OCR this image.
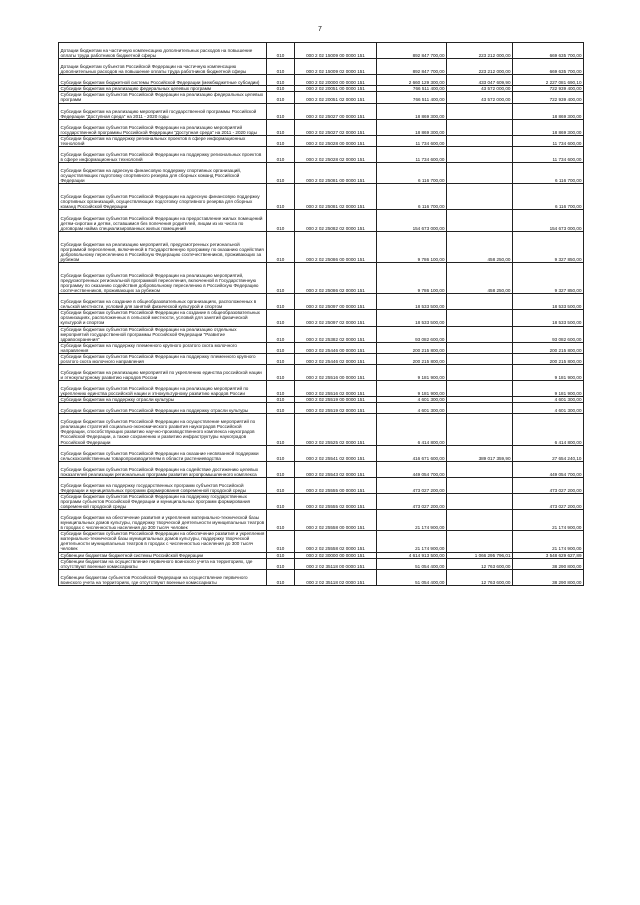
7
Дотации бюджетам на частичную компенсацию дополнительных расходов на повышение оплаты труда работников бюджетной сферы	010	000 2 02 15009 00 0000 151	892 847 700,00	223 212 000,00	669 635 700,00
Дотации бюджетам субъектов Российской Федерации на частичную компенсацию дополнительных расходов на повышение оплаты труда работников бюджетной сферы	010	000 2 02 15009 02 0000 151	892 847 700,00	223 212 000,00	669 635 700,00
Субсидии бюджетам бюджетной системы Российской Федерации (межбюджетные субсидии)	010	000 2 02 20000 00 0000 151	2 660 129 300,00	433 047 609,90	2 227 081 690,10
Субсидии бюджетам на реализацию федеральных целевых программ	010	000 2 02 20051 00 0000 151	766 511 400,00	43 572 000,00	722 939 400,00
Субсидии бюджетам субъектов Российской Федерации на реализацию федеральных целевых программ	010	000 2 02 20051 02 0000 151	766 511 400,00	43 572 000,00	722 939 400,00
Субсидии бюджетам на реализацию мероприятий государственной программы Российской Федерации "Доступная среда" на 2011 - 2020 годы	010	000 2 02 25027 00 0000 151	18 869 300,00		18 869 300,00
Субсидии бюджетам субъектов Российской Федерации на реализацию мероприятий государственной программы Российской Федерации "Доступная среда" на 2011 - 2020 годы	010	000 2 02 25027 02 0000 151	18 869 300,00		18 869 300,00
Субсидии бюджетам на поддержку региональных проектов в сфере информационных технологий	010	000 2 02 25028 00 0000 151	11 734 600,00		11 734 600,00
Субсидии бюджетам субъектов Российской Федерации на поддержку региональных проектов в сфере информационных технологий	010	000 2 02 25028 02 0000 151	11 734 600,00		11 734 600,00
Субсидии бюджетам на адресную финансовую поддержку спортивных организаций, осуществляющих подготовку спортивного резерва для сборных команд Российской Федерации	010	000 2 02 25081 00 0000 151	6 116 700,00		6 116 700,00
Субсидии бюджетам субъектов Российской Федерации на адресную финансовую поддержку спортивных организаций, осуществляющих подготовку спортивного резерва для сборных команд Российской Федерации	010	000 2 02 25081 02 0000 151	6 116 700,00		6 116 700,00
Субсидии бюджетам субъектов Российской Федерации на предоставление жилых помещений детям-сиротам и детям, оставшимся без попечения родителей, лицам из их числа по договорам найма специализированных жилых помещений	010	000 2 02 25082 02 0000 151	154 673 000,00		154 673 000,00
Субсидии бюджетам на реализацию мероприятий, предусмотренных региональной программой переселения, включенной в Государственную программу по оказанию содействия добровольному переселению в Российскую Федерацию соотечественников, проживающих за рубежом	010	000 2 02 25086 00 0000 151	9 786 100,00	458 250,00	9 327 850,00
Субсидии бюджетам субъектов Российской Федерации на реализацию мероприятий, предусмотренных региональной программой переселения, включенной в Государственную программу по оказанию содействия добровольному переселению в Российскую Федерацию соотечественников, проживающих за рубежом	010	000 2 02 25086 02 0000 151	9 786 100,00	458 250,00	9 327 850,00
Субсидии бюджетам на создание в общеобразовательных организациях, расположенных в сельской местности, условий для занятий физической культурой и спортом	010	000 2 02 25097 00 0000 151	18 533 500,00		18 533 500,00
Субсидии бюджетам субъектов Российской Федерации на создание в общеобразовательных организациях, расположенных в сельской местности, условий для занятий физической культурой и спортом	010	000 2 02 25097 02 0000 151	18 533 500,00		18 533 500,00
Субсидии бюджетам субъектов Российской Федерации на реализацию отдельных мероприятий государственной программы Российской Федерации "Развитие здравоохранения"	010	000 2 02 25382 02 0000 151	93 082 600,00		93 082 600,00
Субсидии бюджетам на поддержку племенного крупного рогатого скота молочного направления	010	000 2 02 25446 00 0000 151	200 215 800,00		200 215 800,00
Субсидии бюджетам субъектов Российской Федерации на поддержку племенного крупного рогатого скота молочного направления	010	000 2 02 25446 02 0000 151	200 215 800,00		200 215 800,00
Субсидии бюджетам на реализацию мероприятий по укреплению единства российской нации и этнокультурному развитию народов России	010	000 2 02 25516 00 0000 151	9 181 900,00		9 181 900,00
Субсидии бюджетам субъектов Российской Федерации на реализацию мероприятий по укреплению единства российской нации и этнокультурному развитию народов России	010	000 2 02 25516 02 0000 151	9 181 900,00		9 181 900,00
Субсидии бюджетам на поддержку отрасли культуры	010	000 2 02 25519 00 0000 151	4 601 300,00		4 601 300,00
Субсидии бюджетам субъектов Российской Федерации на поддержку отрасли культуры	010	000 2 02 25519 02 0000 151	4 601 300,00		4 601 300,00
Субсидии бюджетам субъектов Российской Федерации на осуществление мероприятий по реализации стратегий социально-экономического развития наукоградов Российской Федерации, способствующих развитию научно-производственного комплекса наукоградов Российской Федерации, а также сохранению и развитию инфраструктуры наукоградов Российской Федерации	010	000 2 02 25525 02 0000 151	6 414 800,00		6 414 800,00
Субсидии бюджетам субъектов Российской Федерации на оказание несвязанной поддержки сельскохозяйственным товаропроизводителям в области растениеводства	010	000 2 02 25541 02 0000 151	416 671 600,00	389 017 359,90	27 654 240,10
Субсидии бюджетам субъектов Российской Федерации на содействие достижению целевых показателей реализации региональных программ развития агропромышленного комплекса	010	000 2 02 25543 02 0000 151	449 054 700,00		449 054 700,00
Субсидии бюджетам на поддержку государственных программ субъектов Российской Федерации и муниципальных программ формирования современной городской среды	010	000 2 02 25555 00 0000 151	473 027 200,00		473 027 200,00
Субсидии бюджетам субъектов Российской Федерации на поддержку государственных программ субъектов Российской Федерации и муниципальных программ формирования современной городской среды	010	000 2 02 25555 02 0000 151	473 027 200,00		473 027 200,00
Субсидии бюджетам на обеспечение развития и укрепления материально-технической базы муниципальных домов культуры, поддержку творческой деятельности муниципальных театров в городах с численностью населения до 300 тысяч человек	010	000 2 02 25558 00 0000 151	21 174 900,00		21 174 900,00
Субсидии бюджетам субъектов Российской Федерации на обеспечение развития и укрепления материально-технической базы муниципальных домов культуры, поддержку творческой деятельности муниципальных театров в городах с численностью населения до 300 тысяч человек	010	000 2 02 25558 02 0000 151	21 174 900,00		21 174 900,00
Субвенции бюджетам бюджетной системы Российской Федерации	010	000 2 02 30000 00 0000 151	4 614 913 500,00	1 066 295 796,01	3 548 629 627,89
Субвенции бюджетам на осуществление первичного воинского учета на территориях, где отсутствуют военные комиссариаты	010	000 2 02 35118 00 0000 151	51 054 400,00	12 763 600,00	38 290 800,00
Субвенции бюджетам субъектов Российской Федерации на осуществление первичного воинского учета на территориях, где отсутствуют военные комиссариаты	010	000 2 02 35118 02 0000 151	51 054 400,00	12 763 600,00	38 290 800,00
